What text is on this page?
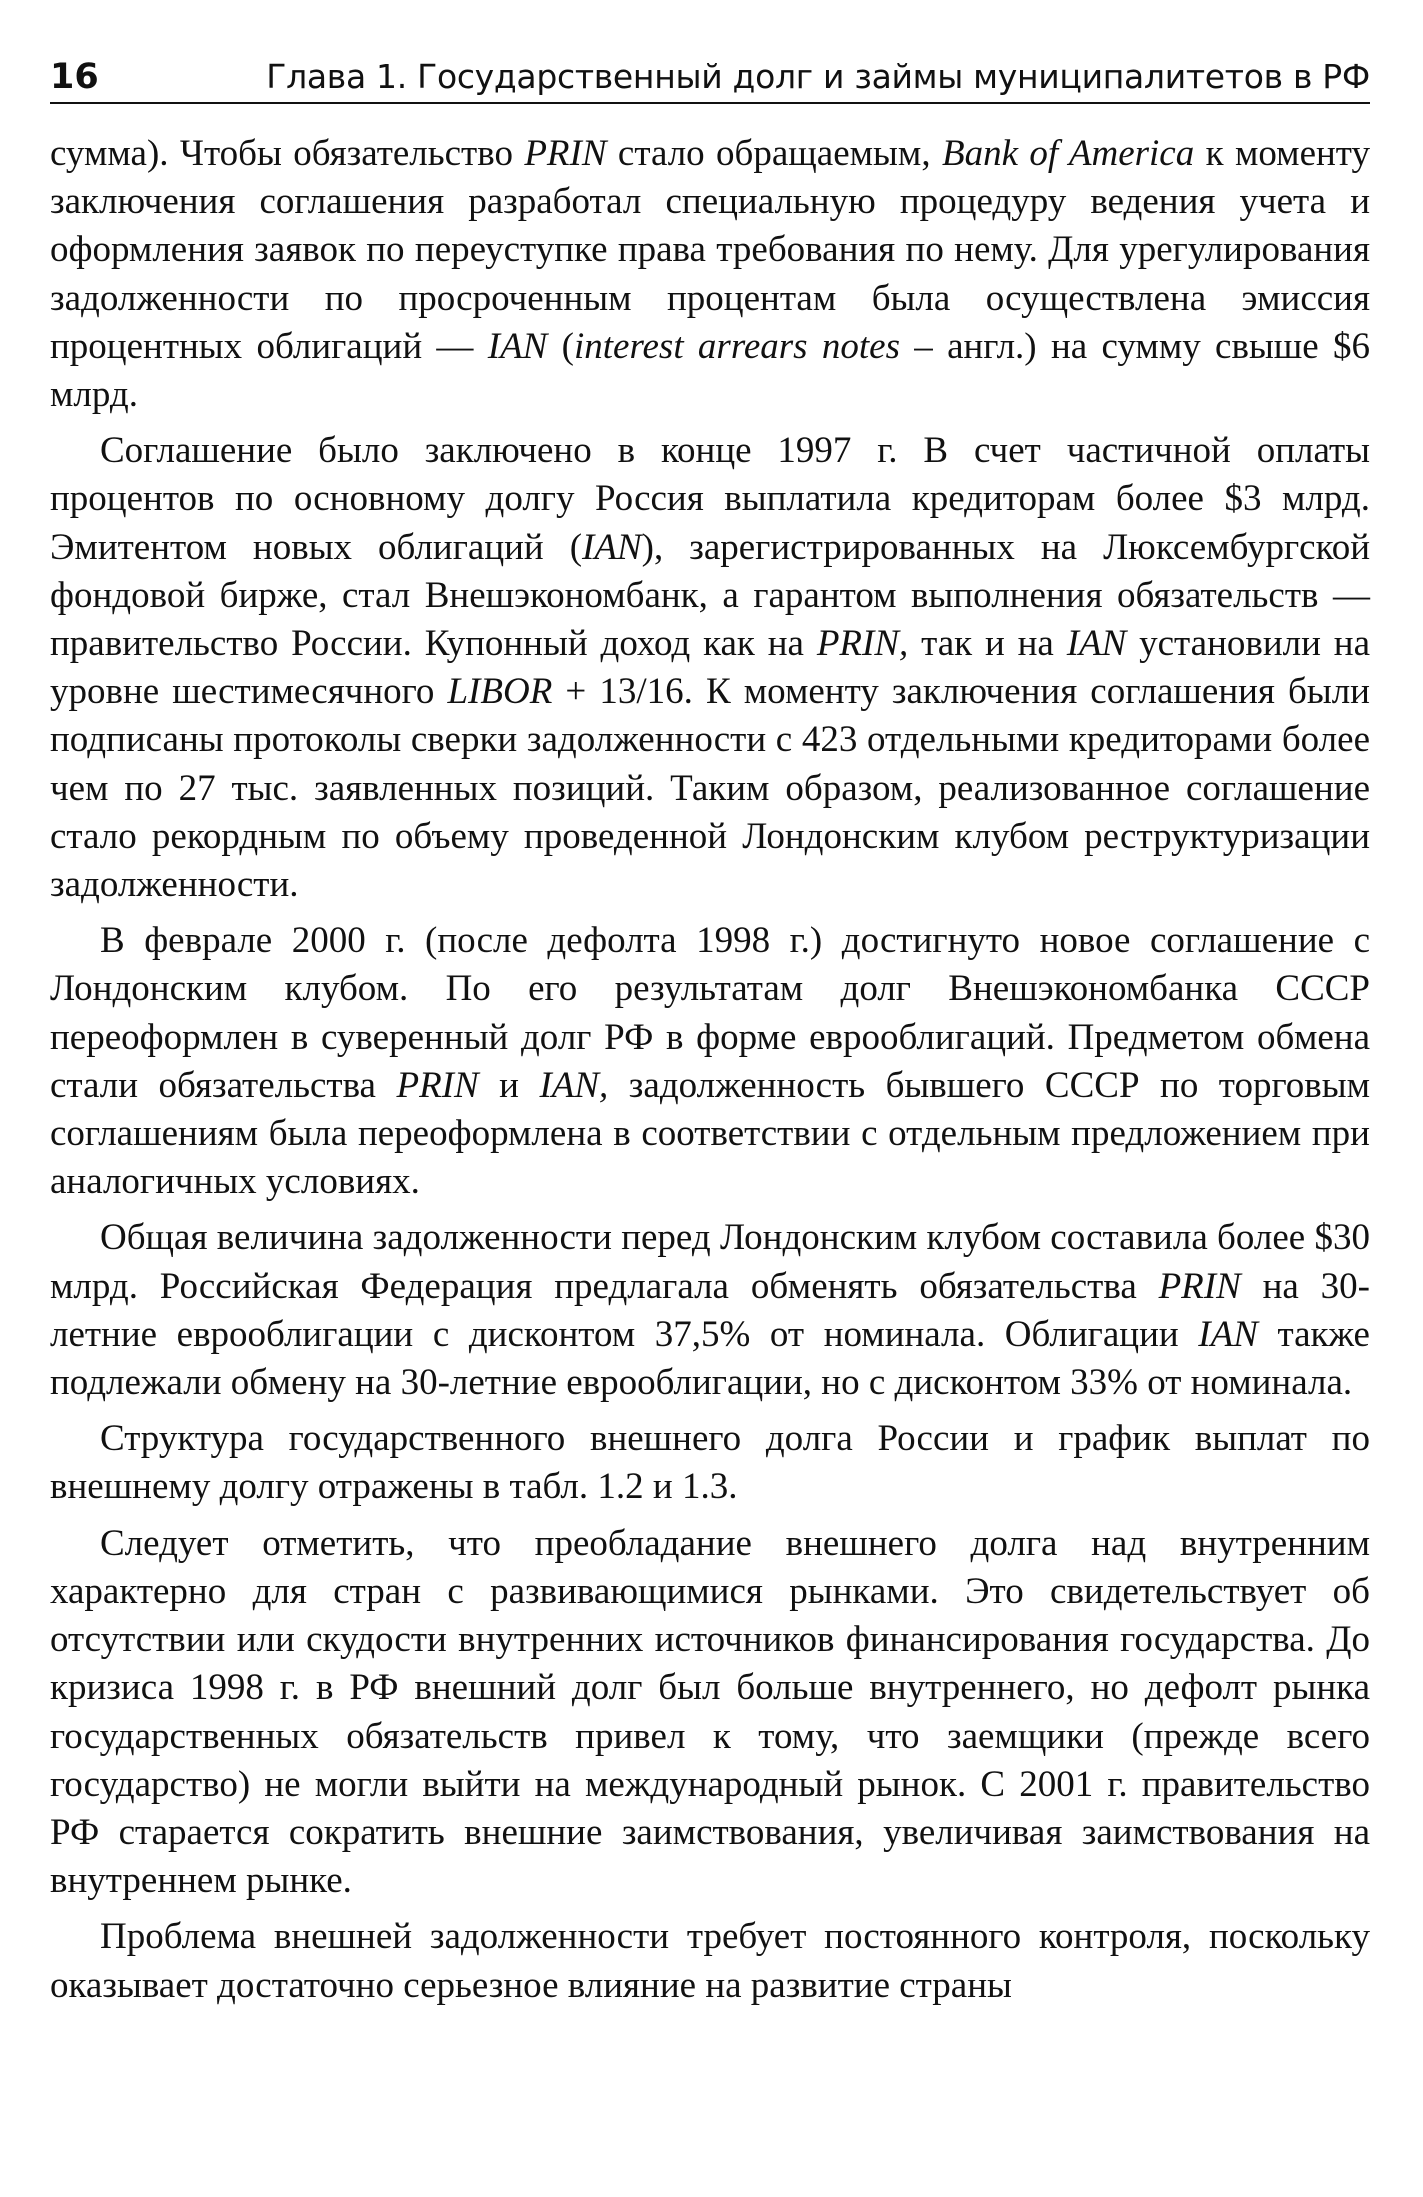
16	Глава 1. Государственный долг и займы муниципалитетов в РФ

сумма). Чтобы обязательство PRIN стало обращаемым, Bank of America к моменту заключения соглашения разработал специальную процедуру ведения учета и оформления заявок по переуступке права требования по нему. Для урегулирования задолженности по просроченным процентам была осуществлена эмиссия процентных облигаций — IAN (interest arrears notes – англ.) на сумму свыше $6 млрд.

Соглашение было заключено в конце 1997 г. В счет частичной оплаты процентов по основному долгу Россия выплатила кредиторам более $3 млрд. Эмитентом новых облигаций (IAN), зарегистрированных на Люксембургской фондовой бирже, стал Внешэкономбанк, а гарантом выполнения обязательств — правительство России. Купонный доход как на PRIN, так и на IAN установили на уровне шестимесячного LIBOR + 13/16. К моменту заключения соглашения были подписаны протоколы сверки задолженности с 423 отдельными кредиторами более чем по 27 тыс. заявленных позиций. Таким образом, реализованное соглашение стало рекордным по объему проведенной Лондонским клубом реструктуризации задолженности.

В феврале 2000 г. (после дефолта 1998 г.) достигнуто новое соглашение с Лондонским клубом. По его результатам долг Внешэкономбанка СССР переоформлен в суверенный долг РФ в форме еврооблигаций. Предметом обмена стали обязательства PRIN и IAN, задолженность бывшего СССР по торговым соглашениям была переоформлена в соответствии с отдельным предложением при аналогичных условиях.

Общая величина задолженности перед Лондонским клубом составила более $30 млрд. Российская Федерация предлагала обменять обязательства PRIN на 30-летние еврооблигации с дисконтом 37,5% от номинала. Облигации IAN также подлежали обмену на 30-летние еврооблигации, но с дисконтом 33% от номинала.

Структура государственного внешнего долга России и график выплат по внешнему долгу отражены в табл. 1.2 и 1.3.

Следует отметить, что преобладание внешнего долга над внутренним характерно для стран с развивающимися рынками. Это свидетельствует об отсутствии или скудости внутренних источников финансирования государства. До кризиса 1998 г. в РФ внешний долг был больше внутреннего, но дефолт рынка государственных обязательств привел к тому, что заемщики (прежде всего государство) не могли выйти на международный рынок. С 2001 г. правительство РФ старается сократить внешние заимствования, увеличивая заимствования на внутреннем рынке.

Проблема внешней задолженности требует постоянного контроля, поскольку оказывает достаточно серьезное влияние на развитие страны
